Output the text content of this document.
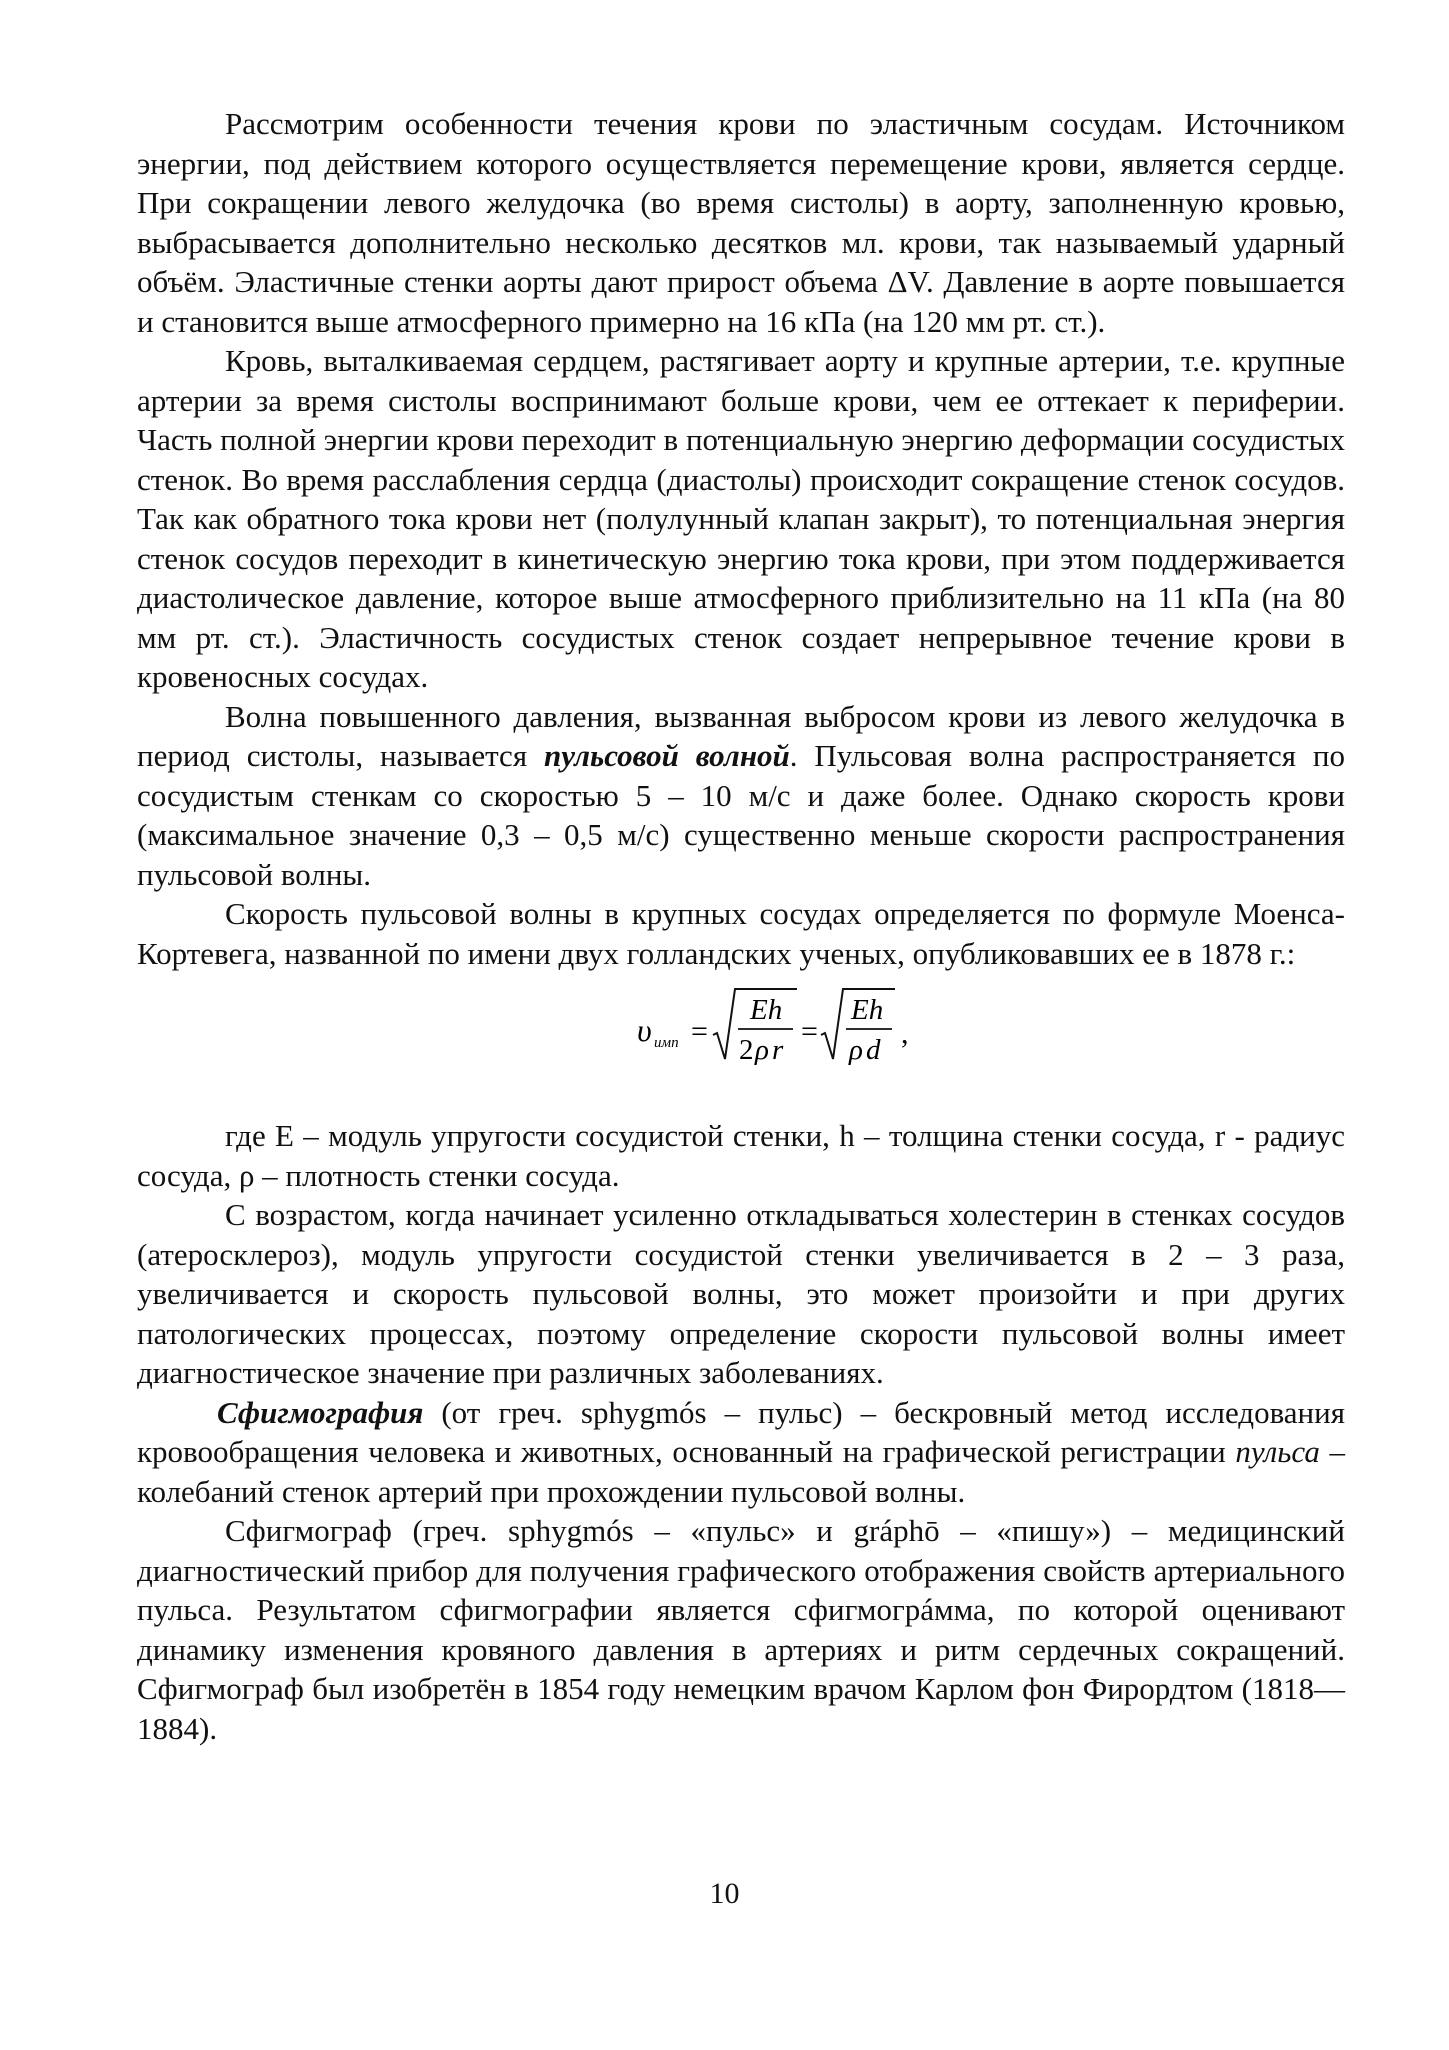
Рассмотрим особенности течения крови по эластичным сосудам. Источником энергии, под действием которого осуществляется перемещение крови, является сердце. При сокращении левого желудочка (во время систолы) в аорту, заполненную кровью, выбрасывается дополнительно несколько десятков мл. крови, так называемый ударный объём. Эластичные стенки аорты дают прирост объема ΔV. Давление в аорте повышается и становится выше атмосферного примерно на 16 кПа (на 120 мм рт. ст.).

Кровь, выталкиваемая сердцем, растягивает аорту и крупные артерии, т.е. крупные артерии за время систолы воспринимают больше крови, чем ее оттекает к периферии. Часть полной энергии крови переходит в потенциальную энергию деформации сосудистых стенок. Во время расслабления сердца (диастолы) происходит сокращение стенок сосудов. Так как обратного тока крови нет (полулунный клапан закрыт), то потенциальная энергия стенок сосудов переходит в кинетическую энергию тока крови, при этом поддерживается диастолическое давление, которое выше атмосферного приблизительно на 11 кПа (на 80 мм рт. ст.). Эластичность сосудистых стенок создает непрерывное течение крови в кровеносных сосудах.

Волна повышенного давления, вызванная выбросом крови из левого желудочка в период систолы, называется пульсовой волной. Пульсовая волна распространяется по сосудистым стенкам со скоростью 5 – 10 м/с и даже более. Однако скорость крови (максимальное значение 0,3 – 0,5 м/с) существенно меньше скорости распространения пульсовой волны.

Скорость пульсовой волны в крупных сосудах определяется по формуле Моенса-Кортевега, названной по имени двух голландских ученых, опубликовавших ее в 1878 г.:

υ имп =
Eh
2 ρ r
=
Eh
ρ d ,

где Е – модуль упругости сосудистой стенки, h – толщина стенки сосуда, r - радиус сосуда, ρ – плотность стенки сосуда.

С возрастом, когда начинает усиленно откладываться холестерин в стенках сосудов (атеросклероз), модуль упругости сосудистой стенки увеличивается в 2 – 3 раза, увеличивается и скорость пульсовой волны, это может произойти и при других патологических процессах, поэтому определение скорости пульсовой волны имеет диагностическое значение при различных заболеваниях.

Сфигмография (от греч. sphygmós – пульс) – бескровный метод исследования кровообращения человека и животных, основанный на графической регистрации пульса – колебаний стенок артерий при прохождении пульсовой волны.

Сфигмограф (греч. sphygmós – «пульс» и gráphō – «пишу») – медицинский диагностический прибор для получения графического отображения свойств артериального пульса. Результатом сфигмографии является сфигмогрáмма, по которой оценивают динамику изменения кровяного давления в артериях и ритм сердечных сокращений. Сфигмограф был изобретён в 1854 году немецким врачом Карлом фон Фирордтом (1818—1884).

10
